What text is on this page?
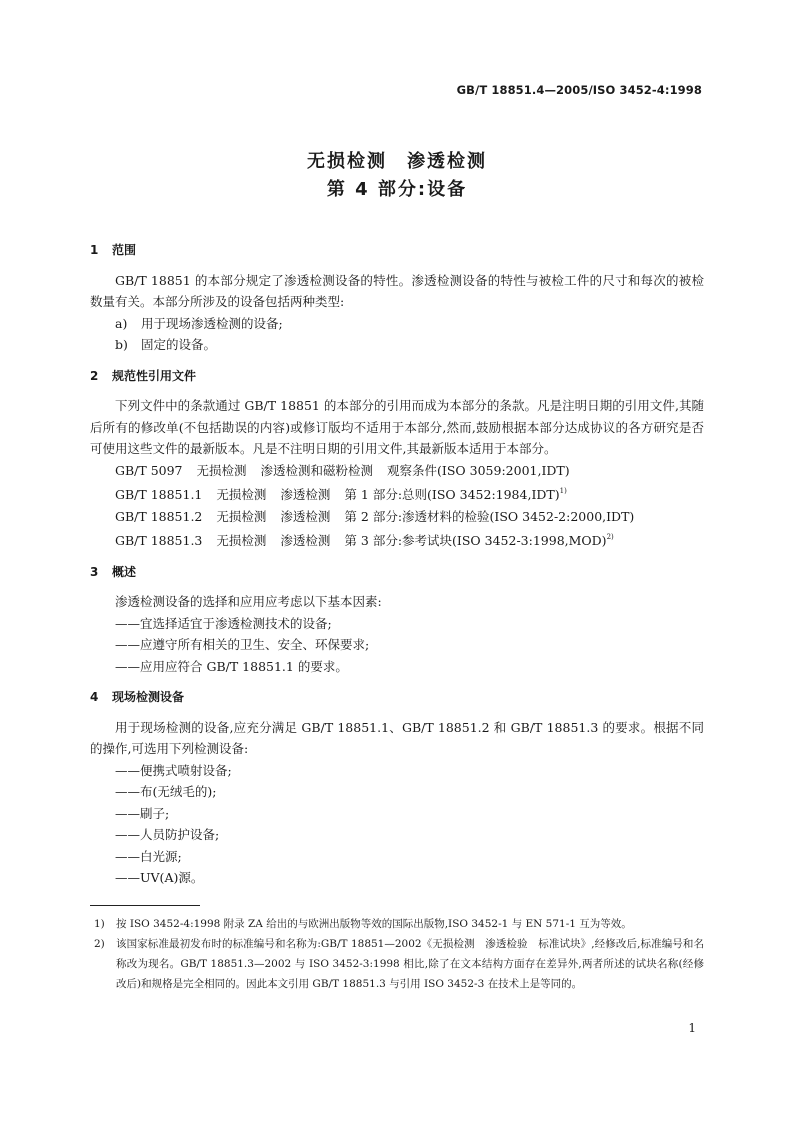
GB/T 18851.4—2005/ISO 3452-4:1998
无损检测　渗透检测
第 4 部分:设备
1 范围

GB/T 18851 的本部分规定了渗透检测设备的特性。渗透检测设备的特性与被检工件的尺寸和每次的被检数量有关。本部分所涉及的设备包括两种类型:

a) 用于现场渗透检测的设备;
b) 固定的设备。
2 规范性引用文件

下列文件中的条款通过 GB/T 18851 的本部分的引用而成为本部分的条款。凡是注明日期的引用文件,其随后所有的修改单(不包括勘误的内容)或修订版均不适用于本部分,然而,鼓励根据本部分达成协议的各方研究是否可使用这些文件的最新版本。凡是不注明日期的引用文件,其最新版本适用于本部分。

GB/T 5097 无损检测 渗透检测和磁粉检测 观察条件(ISO 3059:2001,IDT)
GB/T 18851.1 无损检测 渗透检测 第 1 部分:总则(ISO 3452:1984,IDT)$^{1)}$
GB/T 18851.2 无损检测 渗透检测 第 2 部分:渗透材料的检验(ISO 3452-2:2000,IDT)
GB/T 18851.3 无损检测 渗透检测 第 3 部分:参考试块(ISO 3452-3:1998,MOD)$^{2)}$
3 概述

渗透检测设备的选择和应用应考虑以下基本因素:

——宜选择适宜于渗透检测技术的设备;
——应遵守所有相关的卫生、安全、环保要求;
——应用应符合 GB/T 18851.1 的要求。
4 现场检测设备

用于现场检测的设备,应充分满足 GB/T 18851.1、GB/T 18851.2 和 GB/T 18851.3 的要求。根据不同的操作,可选用下列检测设备:

——便携式喷射设备;
——布(无绒毛的);
——刷子;
——人员防护设备;
——白光源;
——UV(A)源。
1)	按 ISO 3452-4:1998 附录 ZA 给出的与欧洲出版物等效的国际出版物,ISO 3452-1 与 EN 571-1 互为等效。
2)	该国家标准最初发布时的标准编号和名称为:GB/T 18851—2002《无损检测　渗透检验　标准试块》,经修改后,标准编号和名称改为现名。GB/T 18851.3—2002 与 ISO 3452-3:1998 相比,除了在文本结构方面存在差异外,两者所述的试块名称(经修改后)和规格是完全相同的。因此本文引用 GB/T 18851.3 与引用 ISO 3452-3 在技术上是等同的。
1
